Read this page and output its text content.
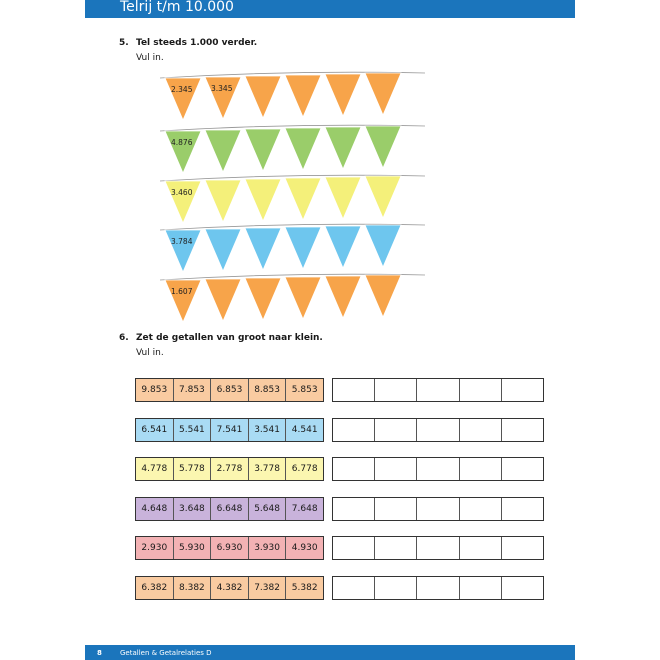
Telrij t/m 10.000
5. Tel steeds 1.000 verder.
Vul in.
2.345 3.345
4.876
3.460
3.784
1.607
6. Zet de getallen van groot naar klein.
Vul in.
9.853	7.853	6.853	8.853	5.853
6.541	5.541	7.541	3.541	4.541
4.778	5.778	2.778	3.778	6.778
4.648	3.648	6.648	5.648	7.648
2.930	5.930	6.930	3.930	4.930
6.382	8.382	4.382	7.382	5.382
8	Getallen & Getalrelaties D
